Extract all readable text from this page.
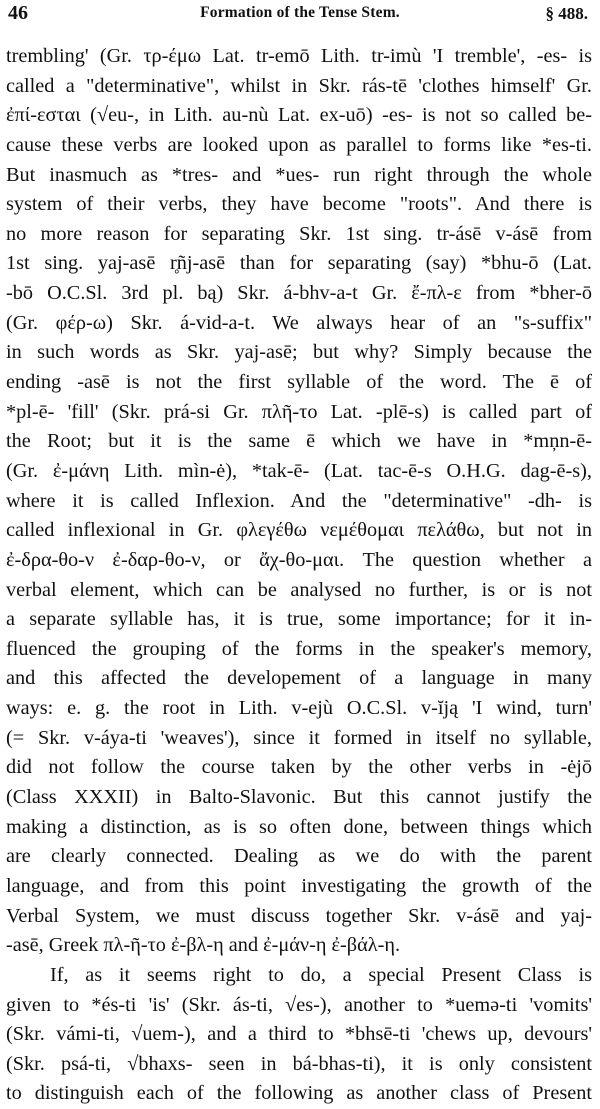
46	Formation of the Tense Stem.	§ 488.
trembling' (Gr. τρ-έμω Lat. tr-emō Lith. tr-imù 'I tremble', -es- is
called a "determinative", whilst in Skr. rás-tē 'clothes himself' Gr.
ἐπί-εσται (√eu-, in Lith. au-nù Lat. ex-uō) -es- is not so called be-
cause these verbs are looked upon as parallel to forms like *es-ti.
But inasmuch as *tres- and *ues- run right through the whole
system of their verbs, they have become "roots". And there is
no more reason for separating Skr. 1st sing. tr-ásē v-ásē from
1st sing. yaj-asē r̥ñj-asē than for separating (say) *bhu-ō (Lat.
-bō O.C.Sl. 3rd pl. bą) Skr. á-bhv-a-t Gr. ἔ-πλ-ε from *bher-ō
(Gr. φέρ-ω) Skr. á-vid-a-t. We always hear of an "s-suffix"
in such words as Skr. yaj-asē; but why? Simply because the
ending -asē is not the first syllable of the word. The ē of
*pl-ē- 'fill' (Skr. prá-si Gr. πλῆ-το Lat. -plē-s) is called part of
the Root; but it is the same ē which we have in *mņn-ē-
(Gr. ἐ-μάνη Lith. mìn-ė), *tak-ē- (Lat. tac-ē-s O.H.G. dag-ē-s),
where it is called Inflexion. And the "determinative" -dh- is
called inflexional in Gr. φλεγέθω νεμέθομαι πελάθω, but not in
ἐ-δρα-θο-ν ἐ-δαρ-θο-ν, or ἄχ-θο-μαι. The question whether a
verbal element, which can be analysed no further, is or is not
a separate syllable has, it is true, some importance; for it in-
fluenced the grouping of the forms in the speaker's memory,
and this affected the developement of a language in many
ways: e. g. the root in Lith. v-ejù O.C.Sl. v-ĭją 'I wind, turn'
(= Skr. v-áya-ti 'weaves'), since it formed in itself no syllable,
did not follow the course taken by the other verbs in -ėjō
(Class XXXII) in Balto-Slavonic. But this cannot justify the
making a distinction, as is so often done, between things which
are clearly connected. Dealing as we do with the parent
language, and from this point investigating the growth of the
Verbal System, we must discuss together Skr. v-ásē and yaj-
-asē, Greek πλ-ῆ-το ἐ-βλ-η and ἐ-μάν-η ἐ-βάλ-η.
If, as it seems right to do, a special Present Class is
given to *és-ti 'is' (Skr. ás-ti, √es-), another to *uemə-ti 'vomits'
(Skr. vámi-ti, √uem-), and a third to *bhsē-ti 'chews up, devours'
(Skr. psá-ti, √bhaxs- seen in bá-bhas-ti), it is only consistent
to distinguish each of the following as another class of Present
